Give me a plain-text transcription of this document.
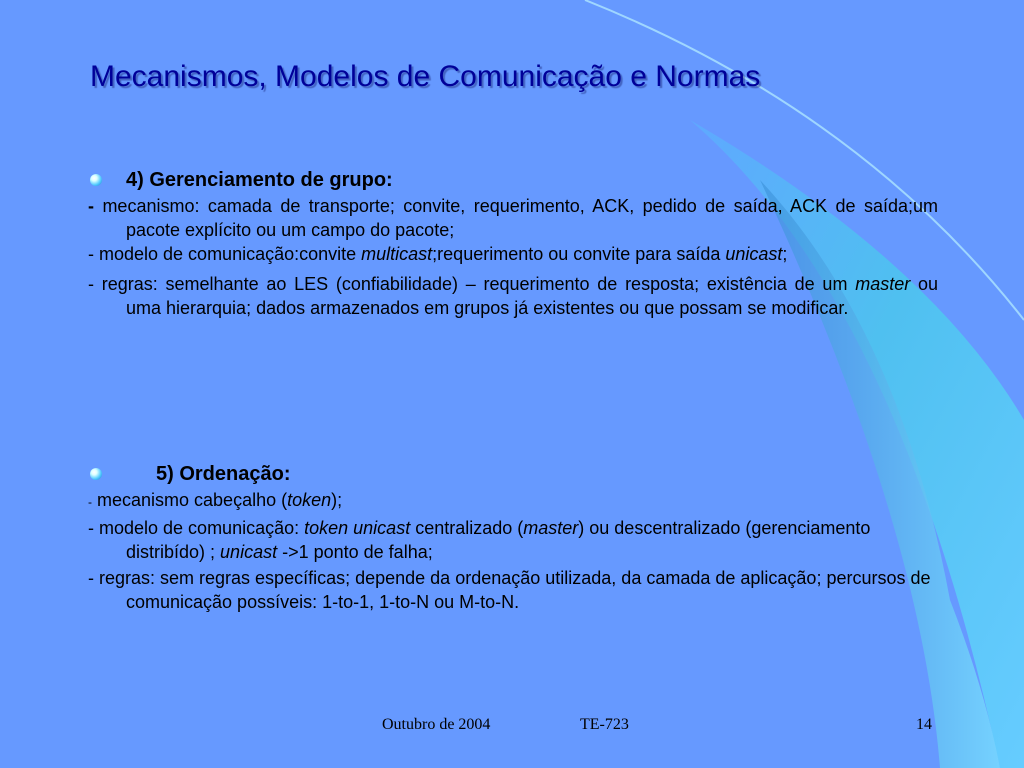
Mecanismos, Modelos de Comunicação e Normas
4) Gerenciamento de grupo:

- mecanismo: camada de transporte; convite, requerimento, ACK, pedido de saída, ACK de saída;um pacote explícito ou um campo do pacote;

- modelo de comunicação:convite multicast;requerimento ou convite para saída unicast;

- regras: semelhante ao LES (confiabilidade) – requerimento de resposta; existência de um master ou uma hierarquia; dados armazenados em grupos já existentes ou que possam se modificar.

5) Ordenação:

- mecanismo cabeçalho (token);

- modelo de comunicação: token unicast centralizado (master) ou descentralizado (gerenciamento distribído) ; unicast ->1 ponto de falha;

- regras: sem regras específicas; depende da ordenação utilizada, da camada de aplicação; percursos de comunicação possíveis: 1-to-1, 1-to-N ou M-to-N.

Outubro de 2004	TE-723	14
